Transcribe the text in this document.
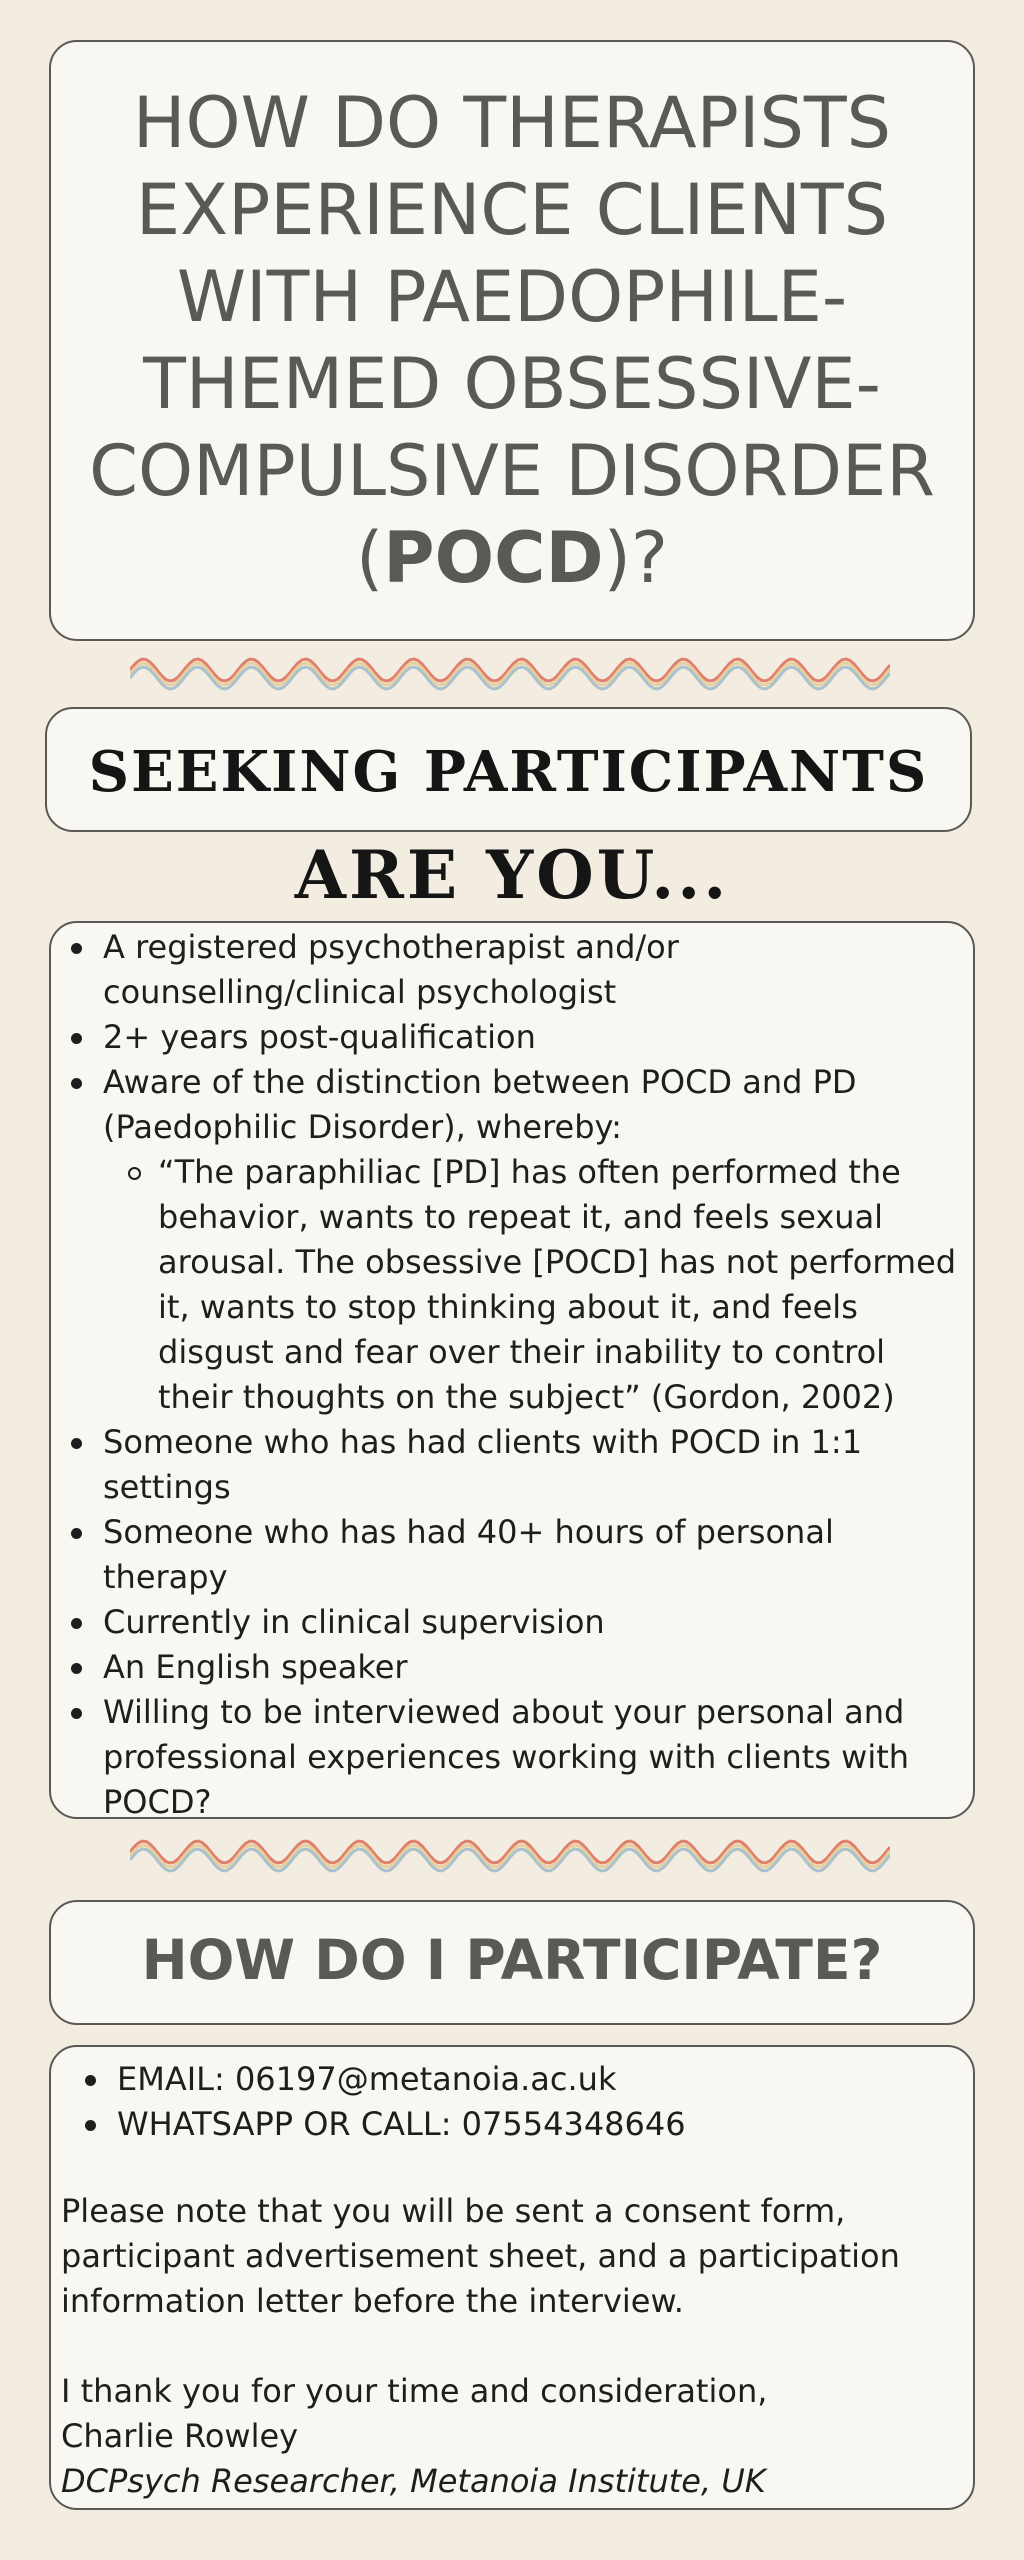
HOW DO THERAPISTS
EXPERIENCE CLIENTS
WITH PAEDOPHILE-
THEMED OBSESSIVE-
COMPULSIVE DISORDER
(POCD)?
SEEKING PARTICIPANTS
ARE YOU...
A registered psychotherapist and/or counselling/clinical psychologist
2+ years post-qualification
Aware of the distinction between POCD and PD (Paedophilic Disorder), whereby:
“The paraphiliac [PD] has often performed the behavior, wants to repeat it, and feels sexual arousal. The obsessive [POCD] has not performed it, wants to stop thinking about it, and feels disgust and fear over their inability to control their thoughts on the subject” (Gordon, 2002)
Someone who has had clients with POCD in 1:1 settings
Someone who has had 40+ hours of personal therapy
Currently in clinical supervision
An English speaker
Willing to be interviewed about your personal and professional experiences working with clients with POCD?
HOW DO I PARTICIPATE?
EMAIL: 06197@metanoia.ac.uk
WHATSAPP OR CALL: 07554348646
Please note that you will be sent a consent form, participant advertisement sheet, and a participation information letter before the interview.
I thank you for your time and consideration,
Charlie Rowley
DCPsych Researcher, Metanoia Institute, UK
